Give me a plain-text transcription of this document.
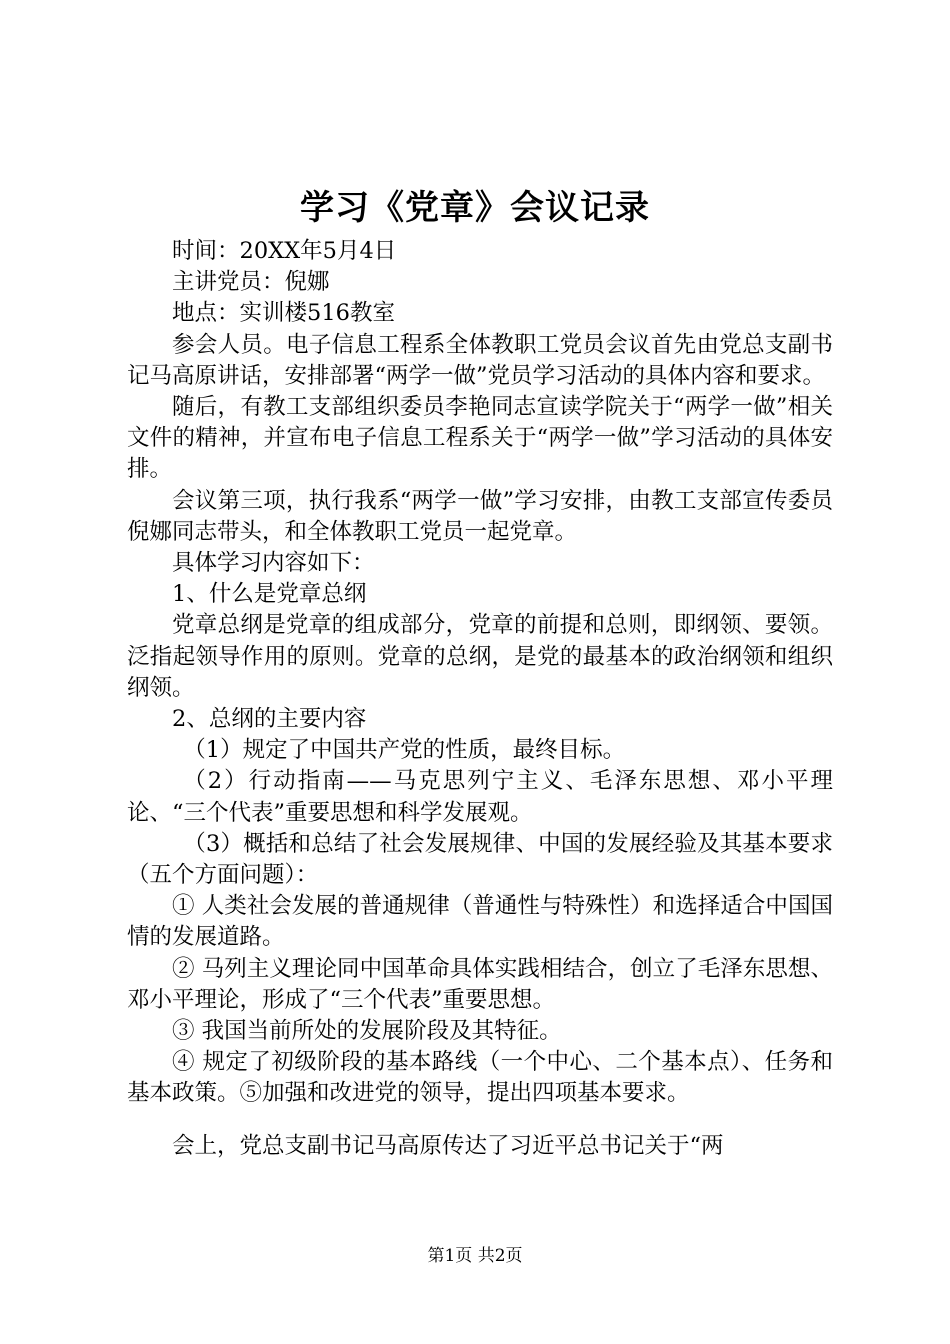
学习《党章》会议记录

时间：20XX年5月4日

主讲党员：倪娜

地点：实训楼516教室

参会人员。电子信息工程系全体教职工党员会议首先由党总支副书记马高原讲话，安排部署“两学一做”党员学习活动的具体内容和要求。

随后，有教工支部组织委员李艳同志宣读学院关于“两学一做”相关文件的精神，并宣布电子信息工程系关于“两学一做”学习活动的具体安排。

会议第三项，执行我系“两学一做”学习安排，由教工支部宣传委员倪娜同志带头，和全体教职工党员一起党章。

具体学习内容如下：

1、什么是党章总纲

党章总纲是党章的组成部分，党章的前提和总则，即纲领、要领。泛指起领导作用的原则。党章的总纲，是党的最基本的政治纲领和组织纲领。

2、总纲的主要内容

（1）规定了中国共产党的性质，最终目标。

（2）行动指南——马克思列宁主义、毛泽东思想、邓小平理论、“三个代表”重要思想和科学发展观。

（3）概括和总结了社会发展规律、中国的发展经验及其基本要求（五个方面问题）：

① 人类社会发展的普通规律（普通性与特殊性）和选择适合中国国情的发展道路。

② 马列主义理论同中国革命具体实践相结合，创立了毛泽东思想、邓小平理论，形成了“三个代表”重要思想。

③ 我国当前所处的发展阶段及其特征。

④ 规定了初级阶段的基本路线（一个中心、二个基本点）、任务和基本政策。⑤加强和改进党的领导，提出四项基本要求。

会上，党总支副书记马高原传达了习近平总书记关于“两

第1页 共2页
